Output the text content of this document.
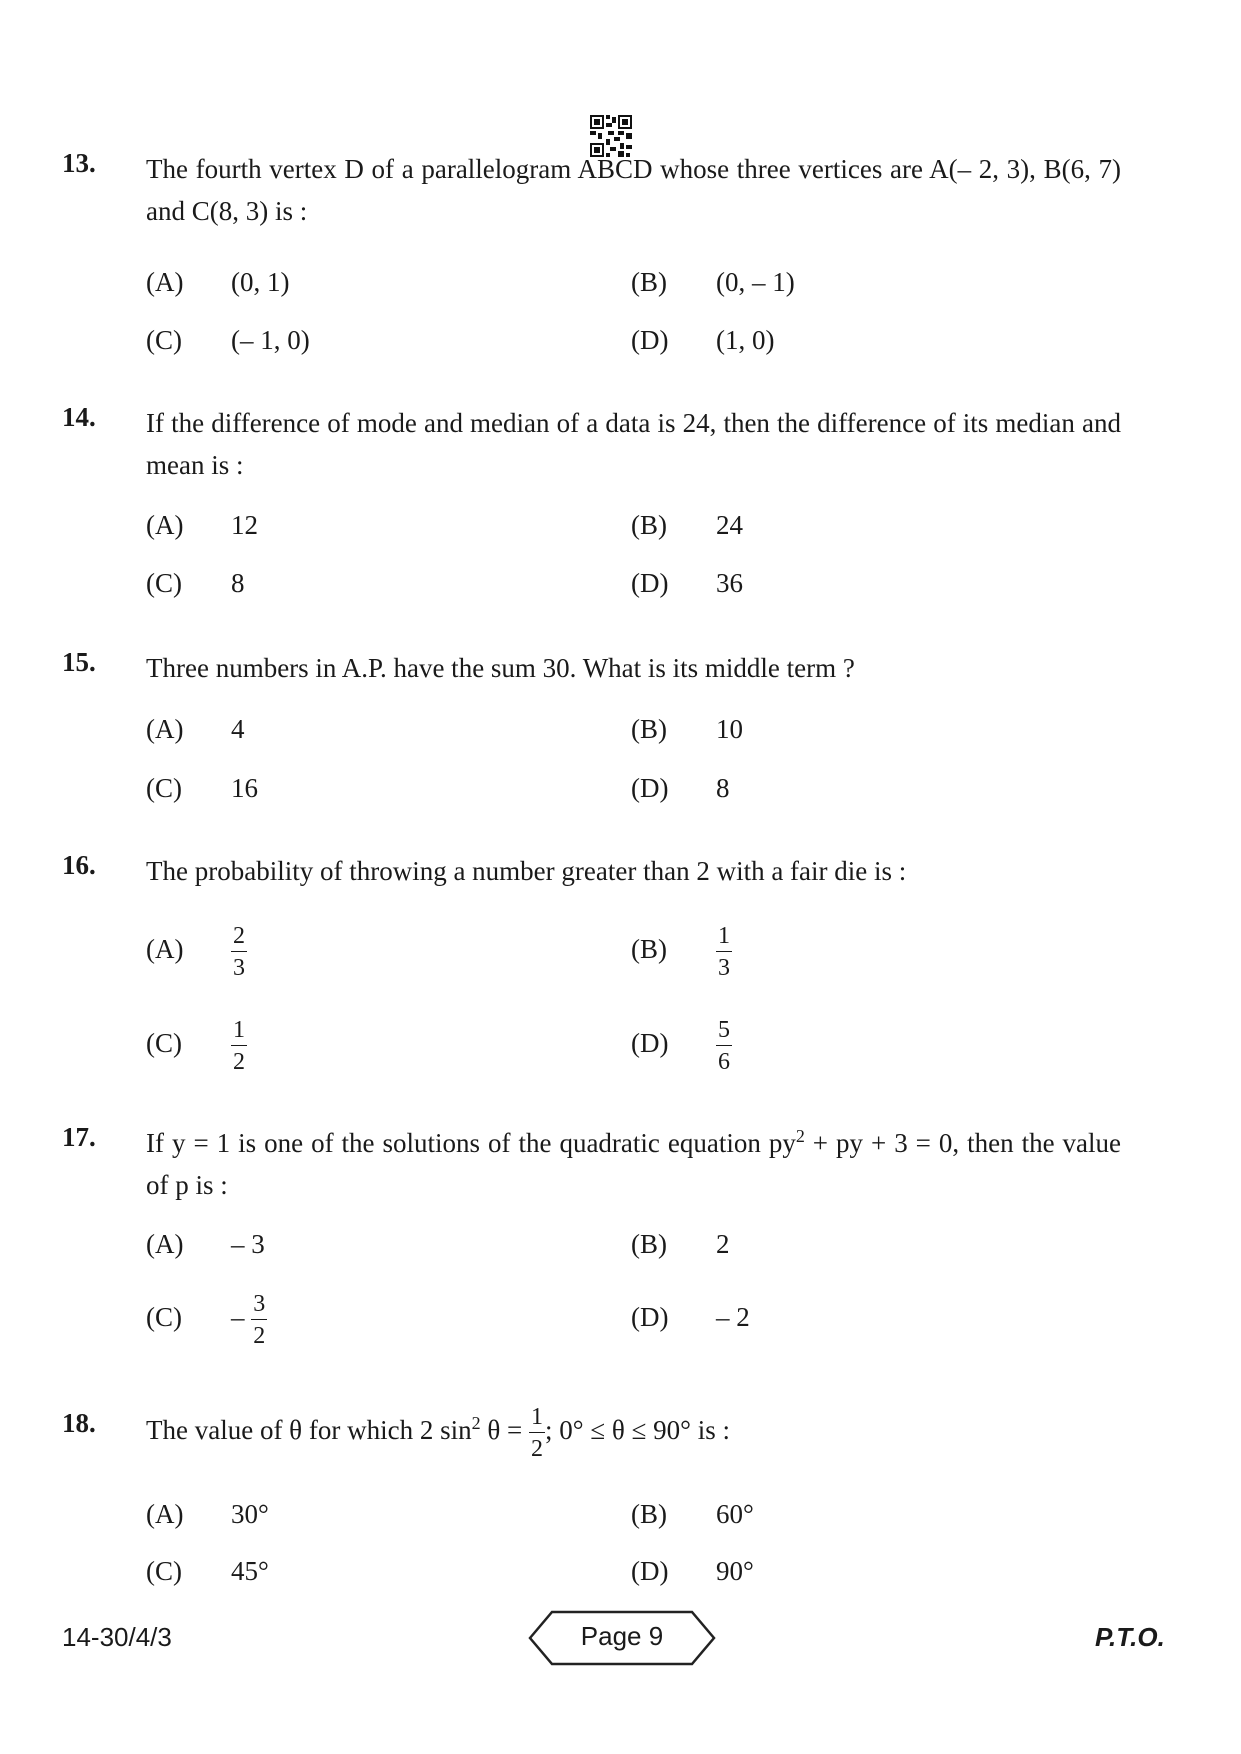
13. The fourth vertex D of a parallelogram ABCD whose three vertices are A(– 2, 3), B(6, 7) and C(8, 3) is :
(A) (0, 1)	(B) (0, – 1)
(C) (– 1, 0)	(D) (1, 0)
14. If the difference of mode and median of a data is 24, then the difference of its median and mean is :
(A) 12	(B) 24
(C) 8	(D) 36
15. Three numbers in A.P. have the sum 30. What is its middle term ?
(A) 4	(B) 10
(C) 16	(D) 8
16. The probability of throwing a number greater than 2 with a fair die is :
$(A) \frac{2}{3}$	$(B) \frac{1}{3}$
$(C) \frac{1}{2}$	$(D) \frac{5}{6}$
17. If y = 1 is one of the solutions of the quadratic equation $py^2$ + py + 3 = 0, then the value of p is :
(A) – 3	(B) 2
$(C) - \frac{3}{2}$	(D) – 2
18. The value of θ for which 2 $\sin^2 \theta = \frac{1}{2}$ ; 0° ≤ θ ≤ 90° is :
(A) 30°	(B) 60°
(C) 45°	(D) 90°
14-30/4/3	Page 9	P.T.O.
